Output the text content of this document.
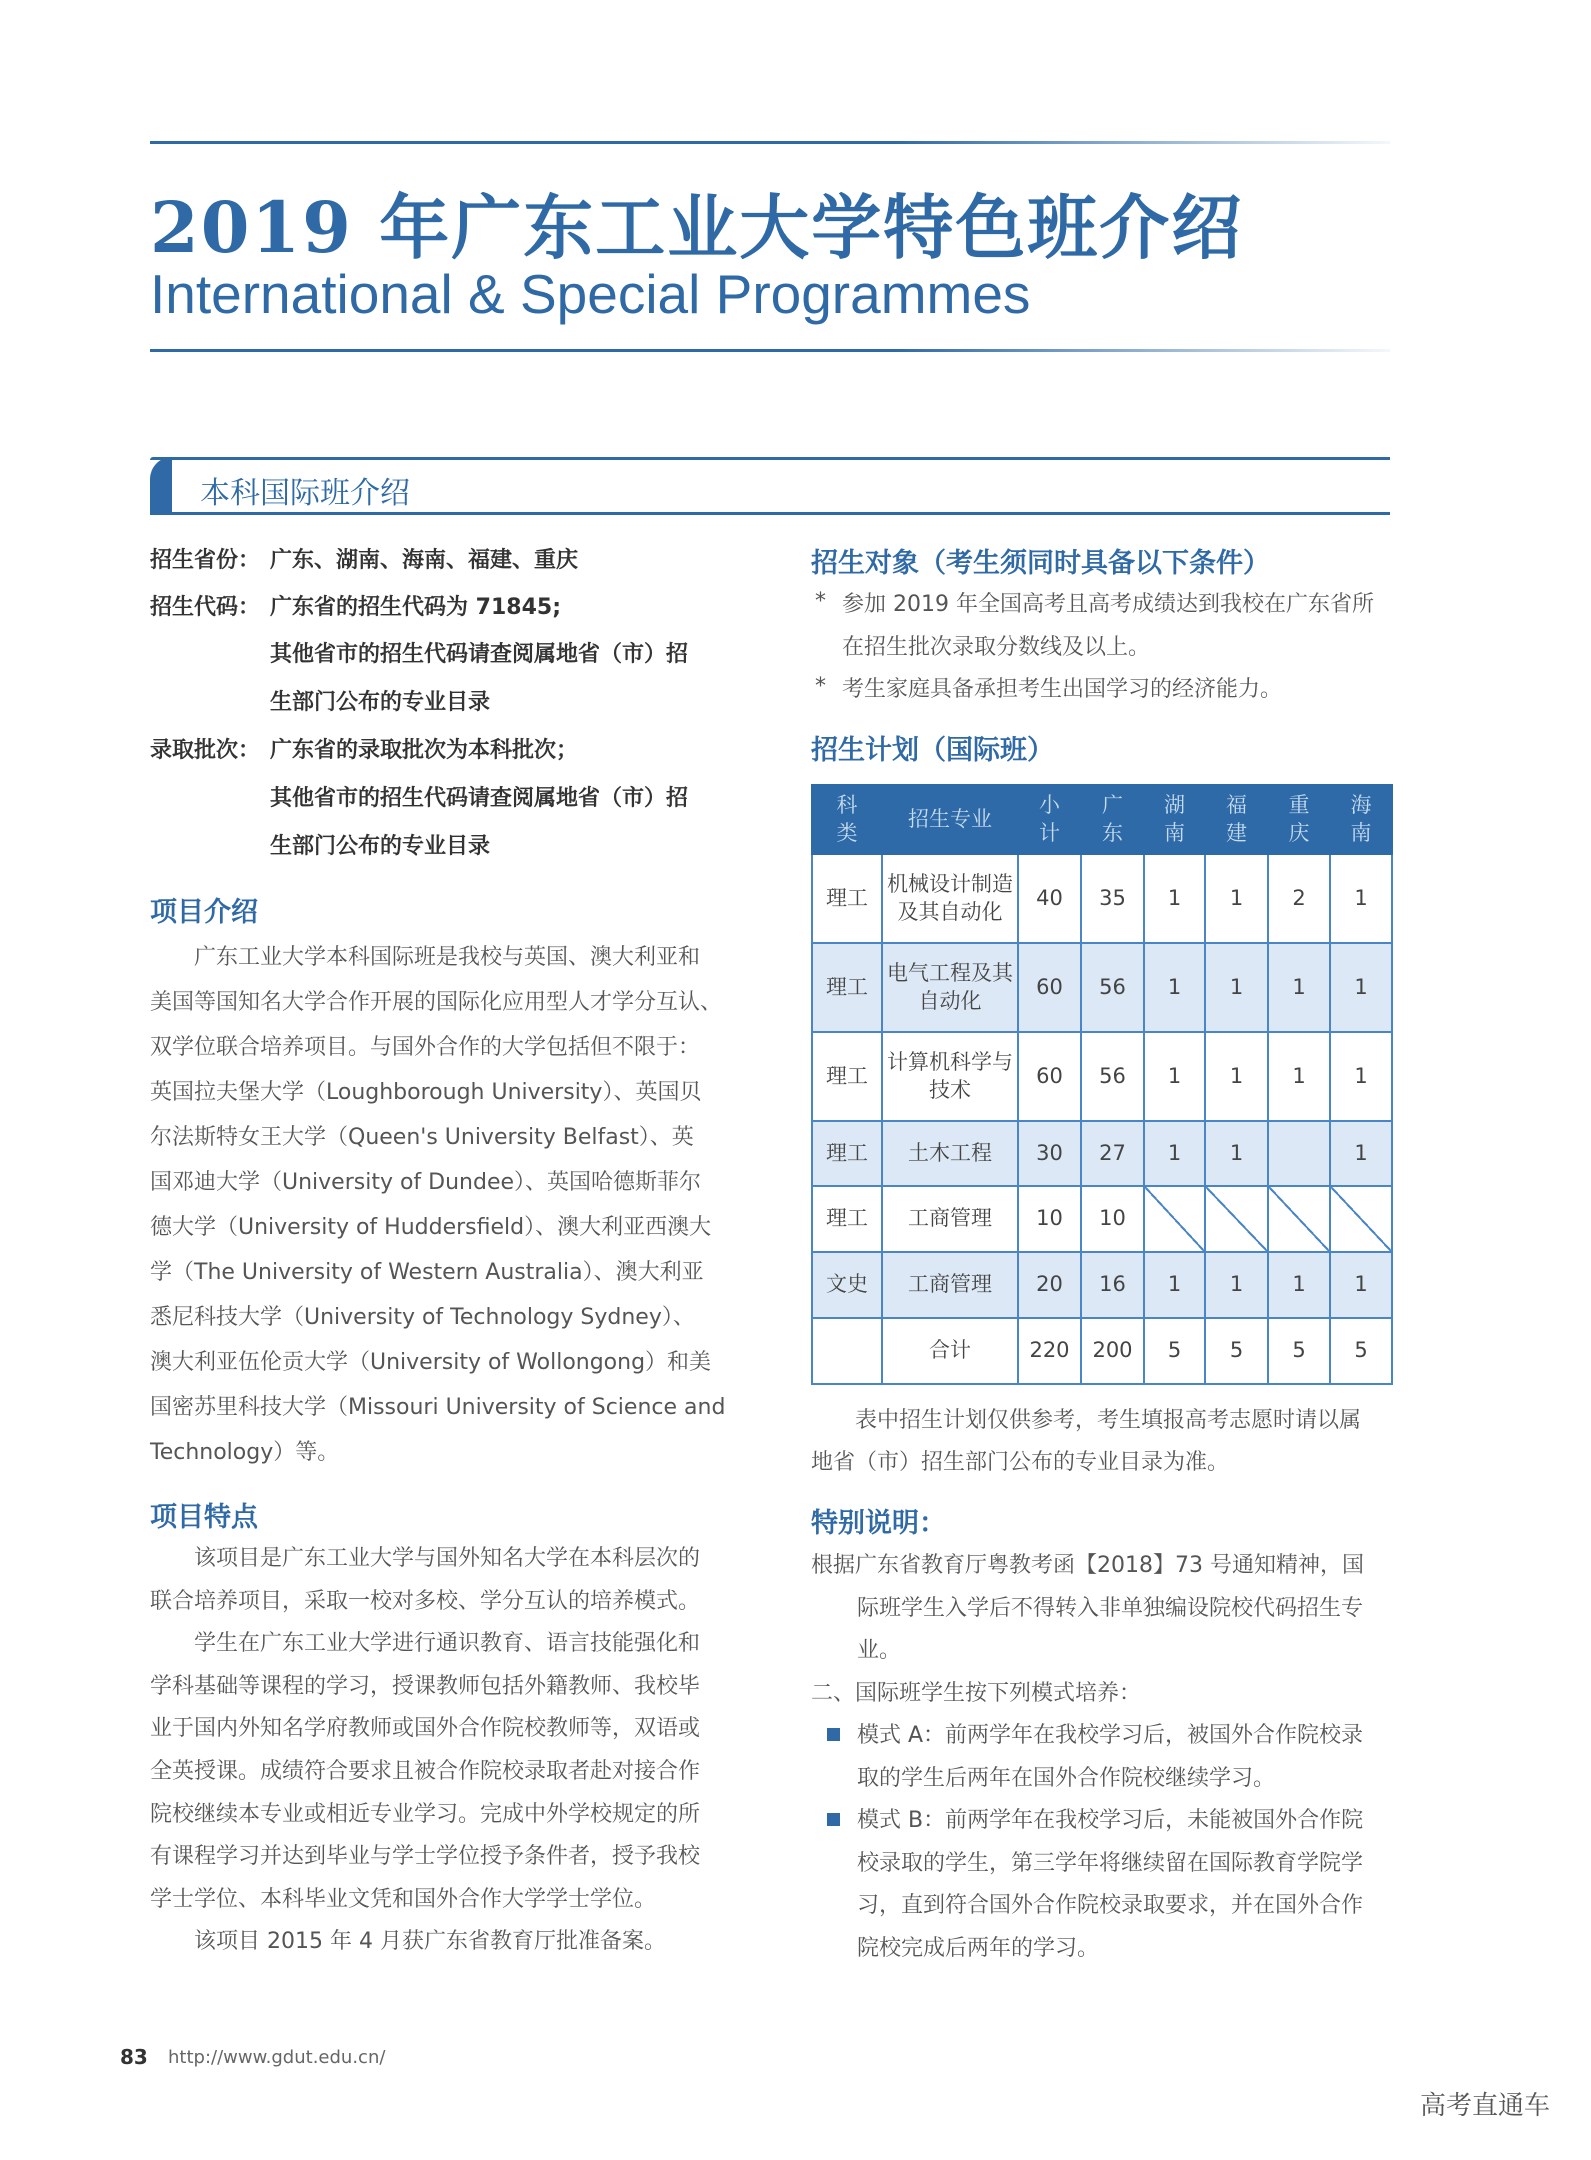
2019 年广东工业大学特色班介绍
International & Special Programmes
本科国际班介绍
招生省份： 广东、湖南、海南、福建、重庆
招生代码： 广东省的招生代码为 71845;
其他省市的招生代码请查阅属地省（市）招
生部门公布的专业目录
录取批次： 广东省的录取批次为本科批次；
其他省市的招生代码请查阅属地省（市）招
生部门公布的专业目录
项目介绍
　　广东工业大学本科国际班是我校与英国、澳大利亚和
美国等国知名大学合作开展的国际化应用型人才学分互认、
双学位联合培养项目。与国外合作的大学包括但不限于：
英国拉夫堡大学（Loughborough University）、英国贝
尔法斯特女王大学（Queen's University Belfast）、英
国邓迪大学（University of Dundee）、英国哈德斯菲尔
德大学（University of Huddersfield）、澳大利亚西澳大
学（The University of Western Australia）、澳大利亚
悉尼科技大学（University of Technology Sydney）、
澳大利亚伍伦贡大学（University of Wollongong）和美
国密苏里科技大学（Missouri University of Science and
Technology）等。
项目特点
　　该项目是广东工业大学与国外知名大学在本科层次的
联合培养项目，采取一校对多校、学分互认的培养模式。
　　学生在广东工业大学进行通识教育、语言技能强化和
学科基础等课程的学习，授课教师包括外籍教师、我校毕
业于国内外知名学府教师或国外合作院校教师等，双语或
全英授课。成绩符合要求且被合作院校录取者赴对接合作
院校继续本专业或相近专业学习。完成中外学校规定的所
有课程学习并达到毕业与学士学位授予条件者，授予我校
学士学位、本科毕业文凭和国外合作大学学士学位。
　　该项目 2015 年 4 月获广东省教育厅批准备案。
招生对象（考生须同时具备以下条件）
* 参加 2019 年全国高考且高考成绩达到我校在广东省所
在招生批次录取分数线及以上。
* 考生家庭具备承担考生出国学习的经济能力。
招生计划（国际班）
　　表中招生计划仅供参考，考生填报高考志愿时请以属
地省（市）招生部门公布的专业目录为准。
特别说明：
根据广东省教育厅粤教考函【2018】73 号通知精神，国
际班学生入学后不得转入非单独编设院校代码招生专
业。
二、国际班学生按下列模式培养：
模式 A：前两学年在我校学习后，被国外合作院校录
取的学生后两年在国外合作院校继续学习。
模式 B：前两学年在我校学习后，未能被国外合作院
校录取的学生，第三学年将继续留在国际教育学院学
习，直到符合国外合作院校录取要求，并在国外合作
院校完成后两年的学习。
科类	招生专业	小计	广东	湖南	福建	重庆	海南
理工	机械设计制造及其自动化	40	35	1	1	2	1
理工	电气工程及其自动化	60	56	1	1	1	1
理工	计算机科学与技术	60	56	1	1	1	1
理工	土木工程	30	27	1	1		1
理工	工商管理	10	10				
文史	工商管理	20	16	1	1	1	1
	合计	220	200	5	5	5	5
83 http://www.gdut.edu.cn/
高考直通车
